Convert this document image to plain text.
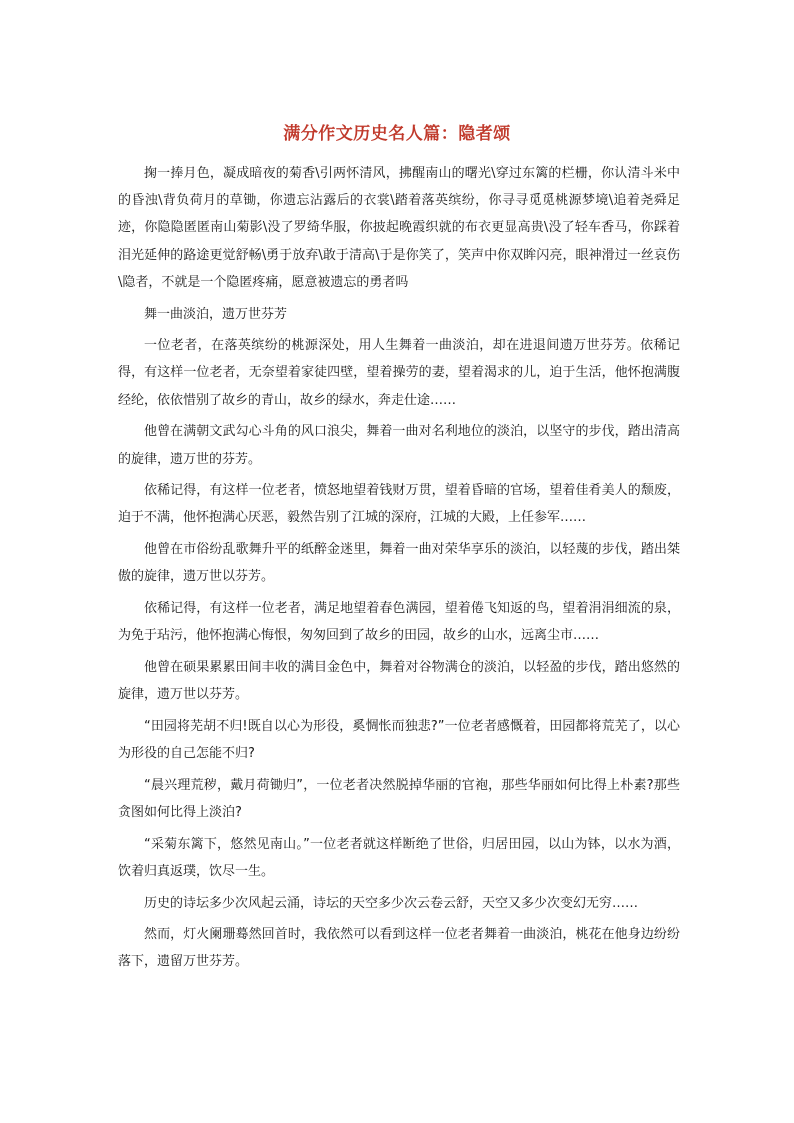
满分作文历史名人篇：隐者颂

掬一捧月色，凝成暗夜的菊香\引两怀清风，拂醒南山的曙光\穿过东篱的栏栅，你认清斗米中的昏浊\背负荷月的草锄，你遗忘沾露后的衣裳\踏着落英缤纷，你寻寻觅觅桃源梦境\追着尧舜足迹，你隐隐匿匿南山菊影\没了罗绮华服，你披起晚霞织就的布衣更显高贵\没了轻车香马，你踩着泪光延伸的路途更觉舒畅\勇于放弃\敢于清高\于是你笑了，笑声中你双眸闪亮，眼神滑过一丝哀伤\隐者，不就是一个隐匿疼痛，愿意被遗忘的勇者吗

舞一曲淡泊，遗万世芬芳

一位老者，在落英缤纷的桃源深处，用人生舞着一曲淡泊，却在进退间遗万世芬芳。依稀记得，有这样一位老者，无奈望着家徒四壁，望着操劳的妻，望着渴求的儿，迫于生活，他怀抱满腹经纶，依依惜别了故乡的青山，故乡的绿水，奔走仕途……

他曾在满朝文武勾心斗角的风口浪尖，舞着一曲对名利地位的淡泊，以坚守的步伐，踏出清高的旋律，遗万世的芬芳。

依稀记得，有这样一位老者，愤怒地望着钱财万贯，望着昏暗的官场，望着佳肴美人的颓废，迫于不满，他怀抱满心厌恶，毅然告别了江城的深府，江城的大殿，上任参军……

他曾在市俗纷乱歌舞升平的纸醉金迷里，舞着一曲对荣华享乐的淡泊，以轻蔑的步伐，踏出桀傲的旋律，遗万世以芬芳。

依稀记得，有这样一位老者，满足地望着春色满园，望着倦飞知返的鸟，望着涓涓细流的泉，为免于玷污，他怀抱满心悔恨，匆匆回到了故乡的田园，故乡的山水，远离尘市……

他曾在硕果累累田间丰收的满目金色中，舞着对谷物满仓的淡泊，以轻盈的步伐，踏出悠然的旋律，遗万世以芬芳。

“田园将芜胡不归!既自以心为形役，奚惆怅而独悲?”一位老者感慨着，田园都将荒芜了，以心为形役的自己怎能不归?

“晨兴理荒秽，戴月荷锄归”，一位老者决然脱掉华丽的官袍，那些华丽如何比得上朴素?那些贪图如何比得上淡泊?

“采菊东篱下，悠然见南山。”一位老者就这样断绝了世俗，归居田园，以山为钵，以水为酒，饮着归真返璞，饮尽一生。

历史的诗坛多少次风起云涌，诗坛的天空多少次云卷云舒，天空又多少次变幻无穷……

然而，灯火阑珊蓦然回首时，我依然可以看到这样一位老者舞着一曲淡泊，桃花在他身边纷纷落下，遗留万世芬芳。
